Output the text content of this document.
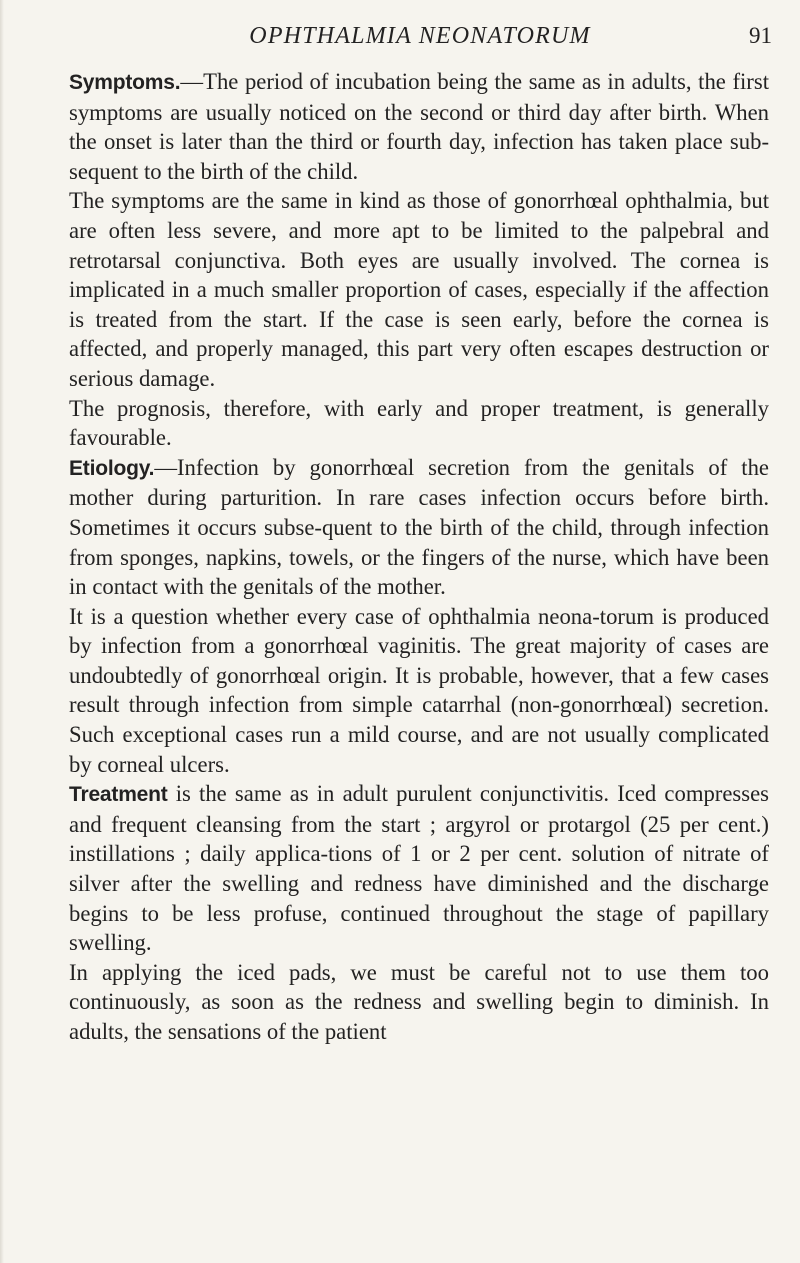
OPHTHALMIA NEONATORUM	91

Symptoms.—The period of incubation being the same as in adults, the first symptoms are usually noticed on the second or third day after birth. When the onset is later than the third or fourth day, infection has taken place sub-sequent to the birth of the child.

The symptoms are the same in kind as those of gonorrhœal ophthalmia, but are often less severe, and more apt to be limited to the palpebral and retrotarsal conjunctiva. Both eyes are usually involved. The cornea is implicated in a much smaller proportion of cases, especially if the affection is treated from the start. If the case is seen early, before the cornea is affected, and properly managed, this part very often escapes destruction or serious damage.

The prognosis, therefore, with early and proper treatment, is generally favourable.

Etiology.—Infection by gonorrhœal secretion from the genitals of the mother during parturition. In rare cases infection occurs before birth. Sometimes it occurs subse-quent to the birth of the child, through infection from sponges, napkins, towels, or the fingers of the nurse, which have been in contact with the genitals of the mother.

It is a question whether every case of ophthalmia neona-torum is produced by infection from a gonorrhœal vaginitis. The great majority of cases are undoubtedly of gonorrhœal origin. It is probable, however, that a few cases result through infection from simple catarrhal (non-gonorrhœal) secretion. Such exceptional cases run a mild course, and are not usually complicated by corneal ulcers.

Treatment is the same as in adult purulent conjunctivitis. Iced compresses and frequent cleansing from the start ; argyrol or protargol (25 per cent.) instillations ; daily applica-tions of 1 or 2 per cent. solution of nitrate of silver after the swelling and redness have diminished and the discharge begins to be less profuse, continued throughout the stage of papillary swelling.

In applying the iced pads, we must be careful not to use them too continuously, as soon as the redness and swelling begin to diminish. In adults, the sensations of the patient
